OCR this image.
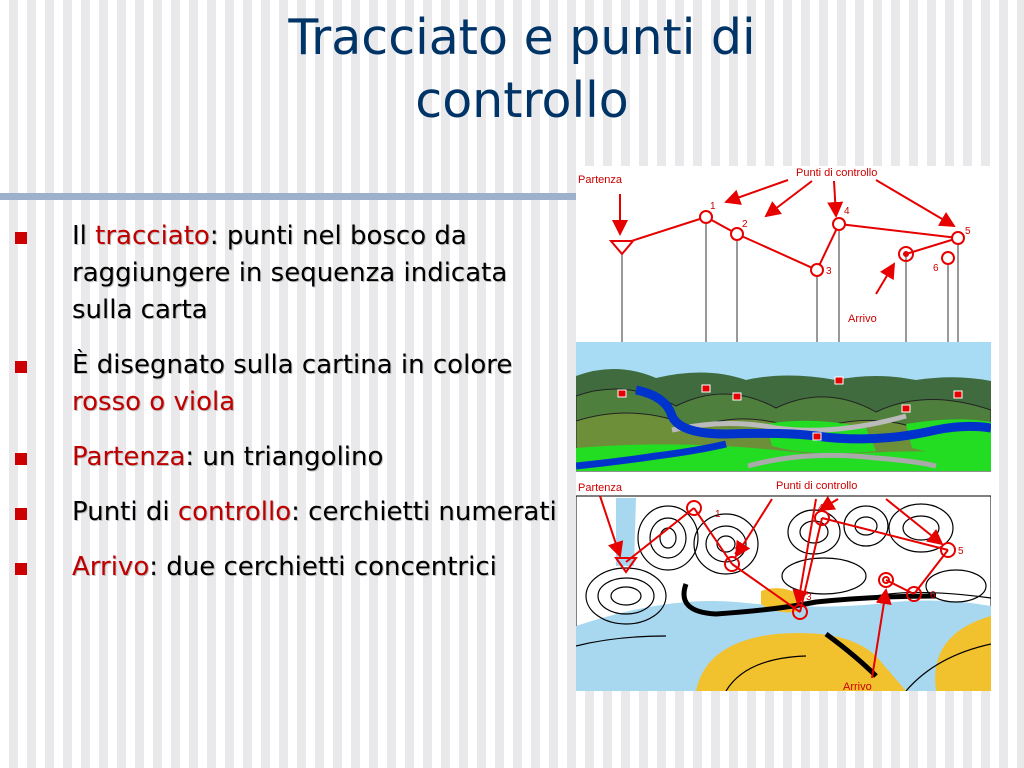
Tracciato e punti di
controllo
Il tracciato: punti nel bosco da raggiungere in sequenza indicata sulla carta
È disegnato sulla cartina in colore rosso o viola
Partenza: un triangolino
Punti di controllo: cerchietti numerati
Arrivo: due cerchietti concentrici
Partenza
Punti di controllo
Arrivo
1
2
3
4
5
6
Partenza	Punti di controllo
Arrivo
1
2
3
4
5
6
